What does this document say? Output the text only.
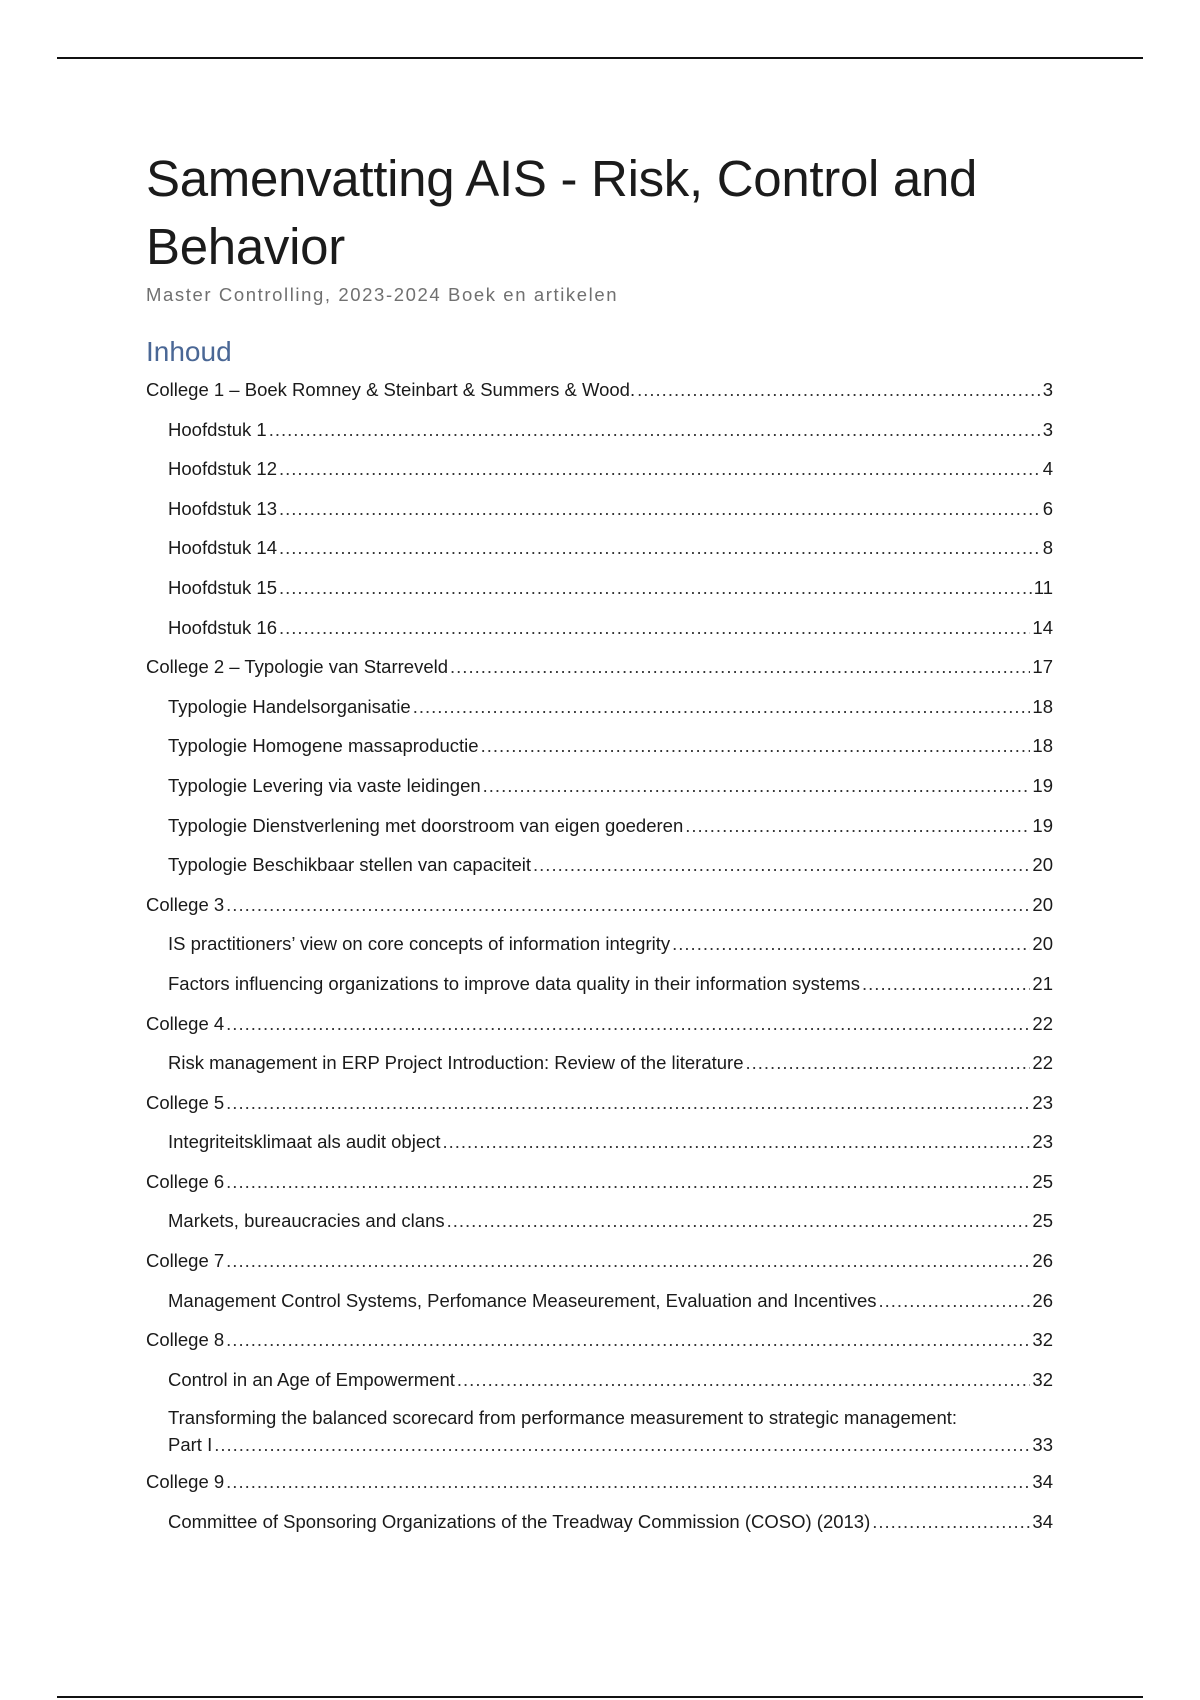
Samenvatting AIS - Risk, Control and Behavior
Master Controlling, 2023-2024 Boek en artikelen
Inhoud
College 1 – Boek Romney & Steinbart & Summers & Wood. .....	3
Hoofdstuk 1 .....	3
Hoofdstuk 12 .....	4
Hoofdstuk 13 .....	6
Hoofdstuk 14 .....	8
Hoofdstuk 15 .....	11
Hoofdstuk 16 .....	14
College 2 – Typologie van Starreveld .....	17
Typologie Handelsorganisatie .....	18
Typologie Homogene massaproductie .....	18
Typologie Levering via vaste leidingen .....	19
Typologie Dienstverlening met doorstroom van eigen goederen .....	19
Typologie Beschikbaar stellen van capaciteit .....	20
College 3 .....	20
IS practitioners’ view on core concepts of information integrity .....	20
Factors influencing organizations to improve data quality in their information systems .....	21
College 4 .....	22
Risk management in ERP Project Introduction: Review of the literature .....	22
College 5 .....	23
Integriteitsklimaat als audit object .....	23
College 6 .....	25
Markets, bureaucracies and clans .....	25
College 7 .....	26
Management Control Systems, Perfomance Measeurement, Evaluation and Incentives .....	26
College 8 .....	32
Control in an Age of Empowerment .....	32
Transforming the balanced scorecard from performance measurement to strategic management:
Part I .....	33
College 9 .....	34
Committee of Sponsoring Organizations of the Treadway Commission (COSO) (2013) .....	34
